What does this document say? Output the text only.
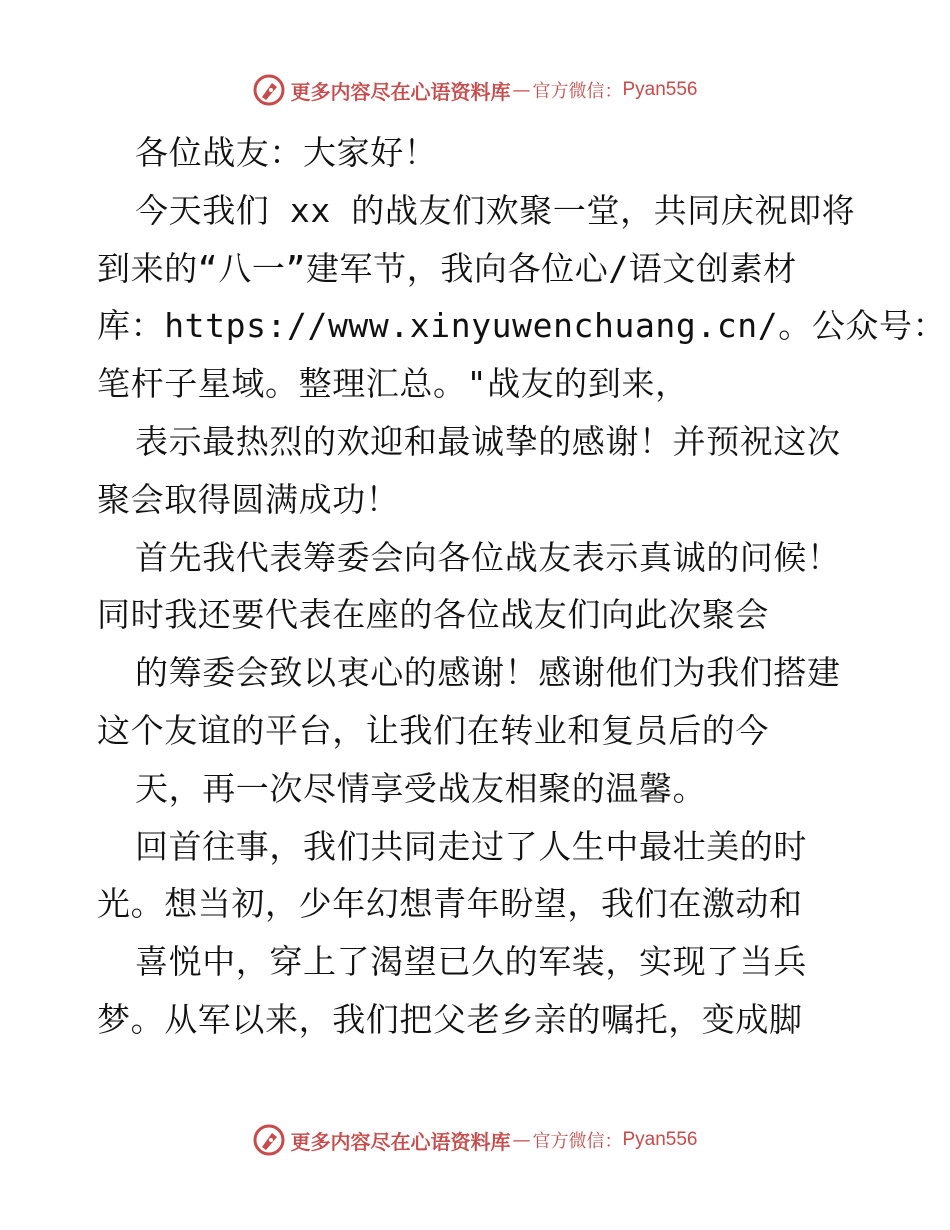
更多内容尽在心语资料库 — 官方微信： Pyan556
各位战友：大家好！
今天我们 xx 的战友们欢聚一堂，共同庆祝即将
到来的“八一”建军节，我向各位心/语文创素材
库：https://www.xinyuwenchuang.cn/。公众号：
笔杆子星域。整理汇总。"战友的到来，
表示最热烈的欢迎和最诚挚的感谢！并预祝这次
聚会取得圆满成功！
首先我代表筹委会向各位战友表示真诚的问候！
同时我还要代表在座的各位战友们向此次聚会
的筹委会致以衷心的感谢！感谢他们为我们搭建
这个友谊的平台，让我们在转业和复员后的今
天，再一次尽情享受战友相聚的温馨。
回首往事，我们共同走过了人生中最壮美的时
光。想当初，少年幻想青年盼望，我们在激动和
喜悦中，穿上了渴望已久的军装，实现了当兵
梦。从军以来，我们把父老乡亲的嘱托，变成脚
更多内容尽在心语资料库 — 官方微信： Pyan556
